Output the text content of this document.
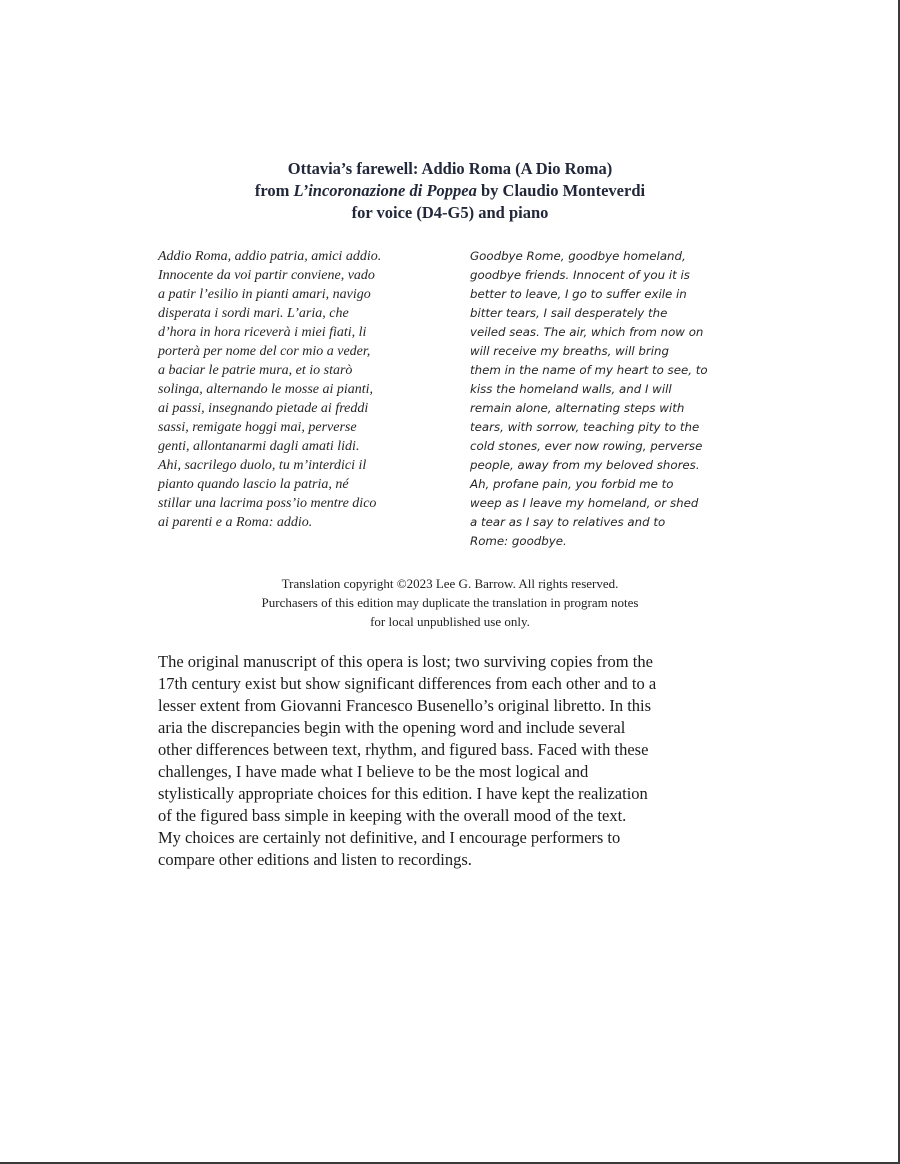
Ottavia’s farewell: Addio Roma (A Dio Roma)
from L’incoronazione di Poppea by Claudio Monteverdi
for voice (D4-G5) and piano
Addio Roma, addio patria, amici addio.
Innocente da voi partir conviene, vado
a patir l’esilio in pianti amari, navigo
disperata i sordi mari. L’aria, che
d’hora in hora riceverà i miei fiati, li
porterà per nome del cor mio a veder,
a baciar le patrie mura, et io starò
solinga, alternando le mosse ai pianti,
ai passi, insegnando pietade ai freddi
sassi, remigate hoggi mai, perverse
genti, allontanarmi dagli amati lidi.
Ahi, sacrilego duolo, tu m’interdici il
pianto quando lascio la patria, né
stillar una lacrima poss’io mentre dico
ai parenti e a Roma: addio.
Goodbye Rome, goodbye homeland,
goodbye friends. Innocent of you it is
better to leave, I go to suffer exile in
bitter tears, I sail desperately the
veiled seas. The air, which from now on
will receive my breaths, will bring
them in the name of my heart to see, to
kiss the homeland walls, and I will
remain alone, alternating steps with
tears, with sorrow, teaching pity to the
cold stones, ever now rowing, perverse
people, away from my beloved shores.
Ah, profane pain, you forbid me to
weep as I leave my homeland, or shed
a tear as I say to relatives and to
Rome: goodbye.
Translation copyright ©2023 Lee G. Barrow. All rights reserved.
Purchasers of this edition may duplicate the translation in program notes
for local unpublished use only.
The original manuscript of this opera is lost; two surviving copies from the
17th century exist but show significant differences from each other and to a
lesser extent from Giovanni Francesco Busenello’s original libretto. In this
aria the discrepancies begin with the opening word and include several
other differences between text, rhythm, and figured bass. Faced with these
challenges, I have made what I believe to be the most logical and
stylistically appropriate choices for this edition. I have kept the realization
of the figured bass simple in keeping with the overall mood of the text.
My choices are certainly not definitive, and I encourage performers to
compare other editions and listen to recordings.
